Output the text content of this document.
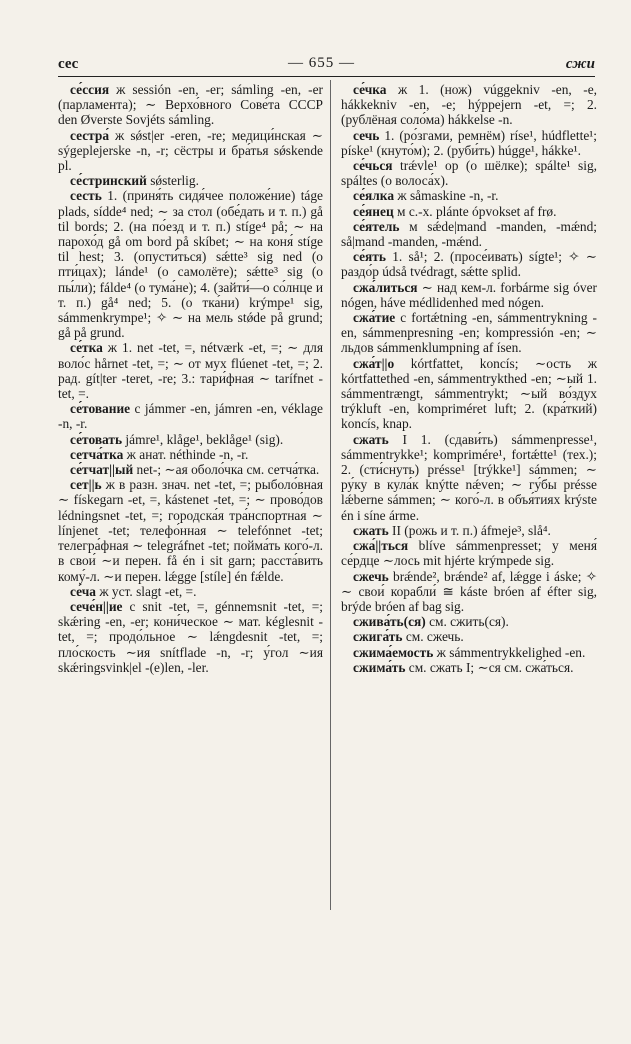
сес	— 655 —	сжи

се́ссия ж sessión -en, -er; sámling -en, -er (парламента); ∼ Верхо́вного Сове́та СССР den Øverste Sovjéts sámling.

сестра́ ж sǿst|er -eren, -re; медици́нская ∼ sýgeplejerske -n, -r; сёстры и бра́тья sǿskende pl.

се́стринский sǿsterlig.

сесть 1. (приня́ть сидя́чее положе́ние) táge plads, sídde⁴ ned; ∼ за стол (обе́дать и т. п.) gå til bords; 2. (на по́езд и т. п.) stíge⁴ på; ∼ на парохо́д gå om bord på skíbet; ∼ на коня́ stíge til hest; 3. (опусти́ться) sǽtte³ sig ned (о пти́цах); lánde¹ (о самолёте); sǽtte³ sig (о пы́ли); fálde⁴ (о тума́не); 4. (зайти́—о со́лнце и т. п.) gå⁴ ned; 5. (о тка́ни) krýmpe¹ sig, sámmenkrympe¹; ✧ ∼ на мель stǿde på grund; gå på grund.

се́тка ж 1. net -tet, =, nétværk -et, =; ∼ для воло́с hårnet -tet, =; ∼ от мух flúenet -tet, =; 2. рад. gít|ter -teret, -re; 3.: тари́фная ∼ tarífnet -tet, =.

се́тование с jámmer -en, jámren -en, véklage -n, -r.

се́товать jámre¹, klåge¹, beklåge¹ (sig).

сетча́тка ж анат. néthinde -n, -r.

се́тчат||ый net-; ∼ая оболо́чка см. сетча́тка.

сет||ь ж в разн. знач. net -tet, =; рыболо́вная ∼ fískegarn -et, =, kástenet -tet, =; ∼ прово́дов lédningsnet -tet, =; городска́я тра́нспортная ∼ línjenet -tet; телефо́нная ∼ telefónnet -tet; телегра́фная ∼ telegráfnet -tet; пойма́ть кого́-л. в свои́ ∼и перен. få én i sit garn; расста́вить кому́-л. ∼и перен. lǽgge [stíle] én fǽlde.

се́ча ж уст. slagt -et, =.

сече́н||ие с snit -tet, =, génnemsnit -tet, =; skǽring -en, -er; кони́ческое ∼ мат. kéglesnit -tet, =; продо́льное ∼ lǽngdesnit -tet, =; пло́скость ∼ия snítflade -n, -r; у́гол ∼ия skǽringsvink|el -(e)len, -ler.

се́чка ж 1. (нож) vúggekniv -en, -e, hákkekniv -en, -e; hýppejern -et, =; 2. (рублёная соло́ма) hákkelse -n.

сечь 1. (ро́згами, ремнём) ríse¹, húdflette¹; píske¹ (кнуто́м); 2. (руби́ть) húgge¹, hákke¹.

се́чься trǽvle¹ op (о шёлке); spálte¹ sig, spáltes (о волоса́х).

се́ялка ж såmaskine -n, -r.

се́янец м с.-х. plánte ópvokset af frø.

се́ятель м sǽde|mand -manden, -mǽnd; så|mand -manden, -mǽnd.

се́ять 1. så¹; 2. (просе́ивать) sígte¹; ✧ ∼ раздо́р údså tvédragt, sǽtte splid.

сжа́литься ∼ над кем-л. forbárme sig óver nógen, háve médlidenhed med nógen.

сжа́тие с fortǽtning -en, sámmentrykning -en, sámmenpresning -en; kompressión -en; ∼ льдов sámmenklumpning af ísen.

сжа́т||о kórtfattet, koncís; ∼ость ж kórtfattethed -en, sámmentrykthed -en; ∼ый 1. sámmentrængt, sámmentrykt; ∼ый во́здух trýkluft -en, kompriméret luft; 2. (кра́ткий) koncís, knap.

сжать I 1. (сдави́ть) sámmenpresse¹, sámmentrykke¹; komprimére¹, fortǽtte¹ (тех.); 2. (сти́снуть) présse¹ [trýkke¹] sámmen; ∼ ру́ку в кула́к knýtte nǽven; ∼ гу́бы présse lǽberne sámmen; ∼ кого́-л. в объя́тиях krýste én i síne árme.

сжать II (рожь и т. п.) áfmeje³, slå⁴.

сжа́||ться blíve sámmenpresset; у меня́ се́рдце ∼лось mit hjérte krýmpede sig.

сжечь brǽnde², brǽnde² af, lǽgge i áske; ✧ ∼ свои́ корабли́ ≅ káste bróen af éfter sig, brýde bróen af bag sig.

сжива́ть(ся) см. сжить(ся).

сжига́ть см. сжечь.

сжима́емость ж sámmentrykkelighed -en.

сжима́ть см. сжать I; ∼ся см. сжа́ться.
